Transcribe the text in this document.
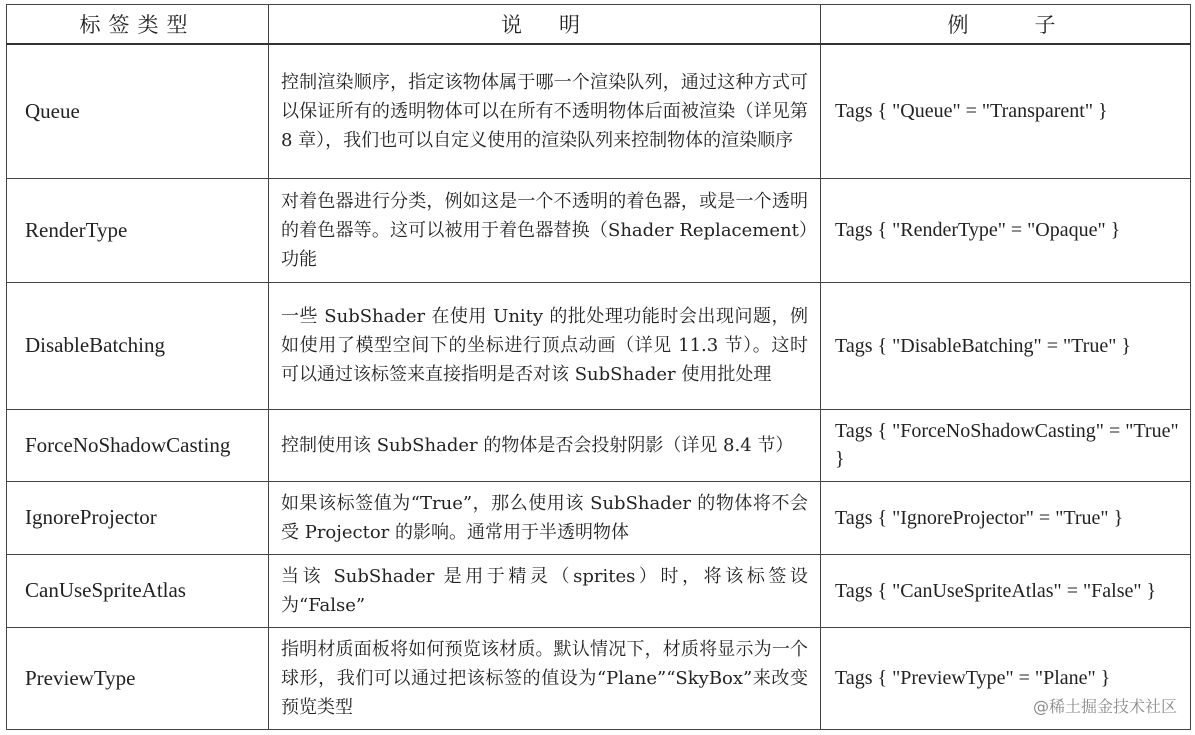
标签类型	说　明	例　　子
Queue	控制渲染顺序，指定该物体属于哪一个渲染队列，通过这种方式可以保证所有的透明物体可以在所有不透明物体后面被渲染（详见第 8 章），我们也可以自定义使用的渲染队列来控制物体的渲染顺序	Tags { "Queue" = "Transparent" }
RenderType	对着色器进行分类，例如这是一个不透明的着色器，或是一个透明的着色器等。这可以被用于着色器替换（Shader Replacement）功能	Tags { "RenderType" = "Opaque" }
DisableBatching	一些 SubShader 在使用 Unity 的批处理功能时会出现问题，例如使用了模型空间下的坐标进行顶点动画（详见 11.3 节）。这时可以通过该标签来直接指明是否对该 SubShader 使用批处理	Tags { "DisableBatching" = "True" }
ForceNoShadowCasting	控制使用该 SubShader 的物体是否会投射阴影（详见 8.4 节）	Tags { "ForceNoShadowCasting" = "True" }
IgnoreProjector	如果该标签值为“True”，那么使用该 SubShader 的物体将不会受 Projector 的影响。通常用于半透明物体	Tags { "IgnoreProjector" = "True" }
CanUseSpriteAtlas	当该 SubShader 是用于精灵（sprites）时，将该标签设为“False”	Tags { "CanUseSpriteAtlas" = "False" }
PreviewType	指明材质面板将如何预览该材质。默认情况下，材质将显示为一个球形，我们可以通过把该标签的值设为“Plane”“SkyBox”来改变预览类型	Tags { "PreviewType" = "Plane" }
@稀土掘金技术社区
